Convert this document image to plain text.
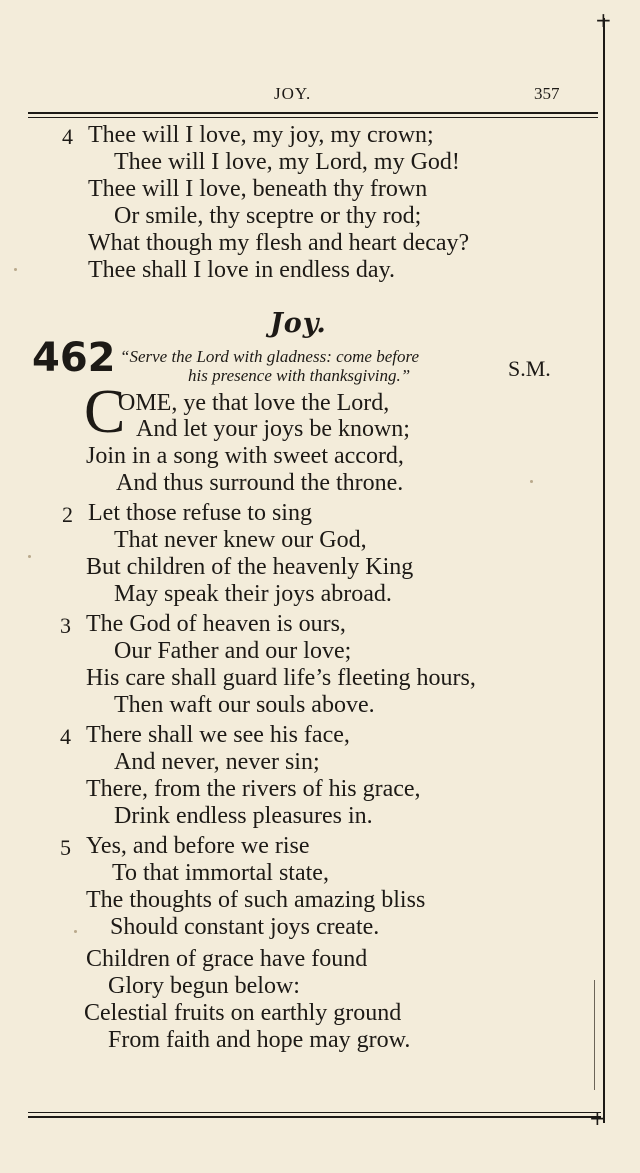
+
+
JOY.	357
4 Thee will I love, my joy, my crown;
Thee will I love, my Lord, my God!
Thee will I love, beneath thy frown
Or smile, thy sceptre or thy rod;
What though my flesh and heart decay?
Thee shall I love in endless day.
Joy.
462 “Serve the Lord with gladness: come before
his presence with thanksgiving.”	S.M.
C
OME, ye that love the Lord,
And let your joys be known;
Join in a song with sweet accord,
And thus surround the throne.
2 Let those refuse to sing
That never knew our God,
But children of the heavenly King
May speak their joys abroad.
3 The God of heaven is ours,
Our Father and our love;
His care shall guard life’s fleeting hours,
Then waft our souls above.
4 There shall we see his face,
And never, never sin;
There, from the rivers of his grace,
Drink endless pleasures in.
5 Yes, and before we rise
To that immortal state,
The thoughts of such amazing bliss
Should constant joys create.
Children of grace have found
Glory begun below:
Celestial fruits on earthly ground
From faith and hope may grow.
